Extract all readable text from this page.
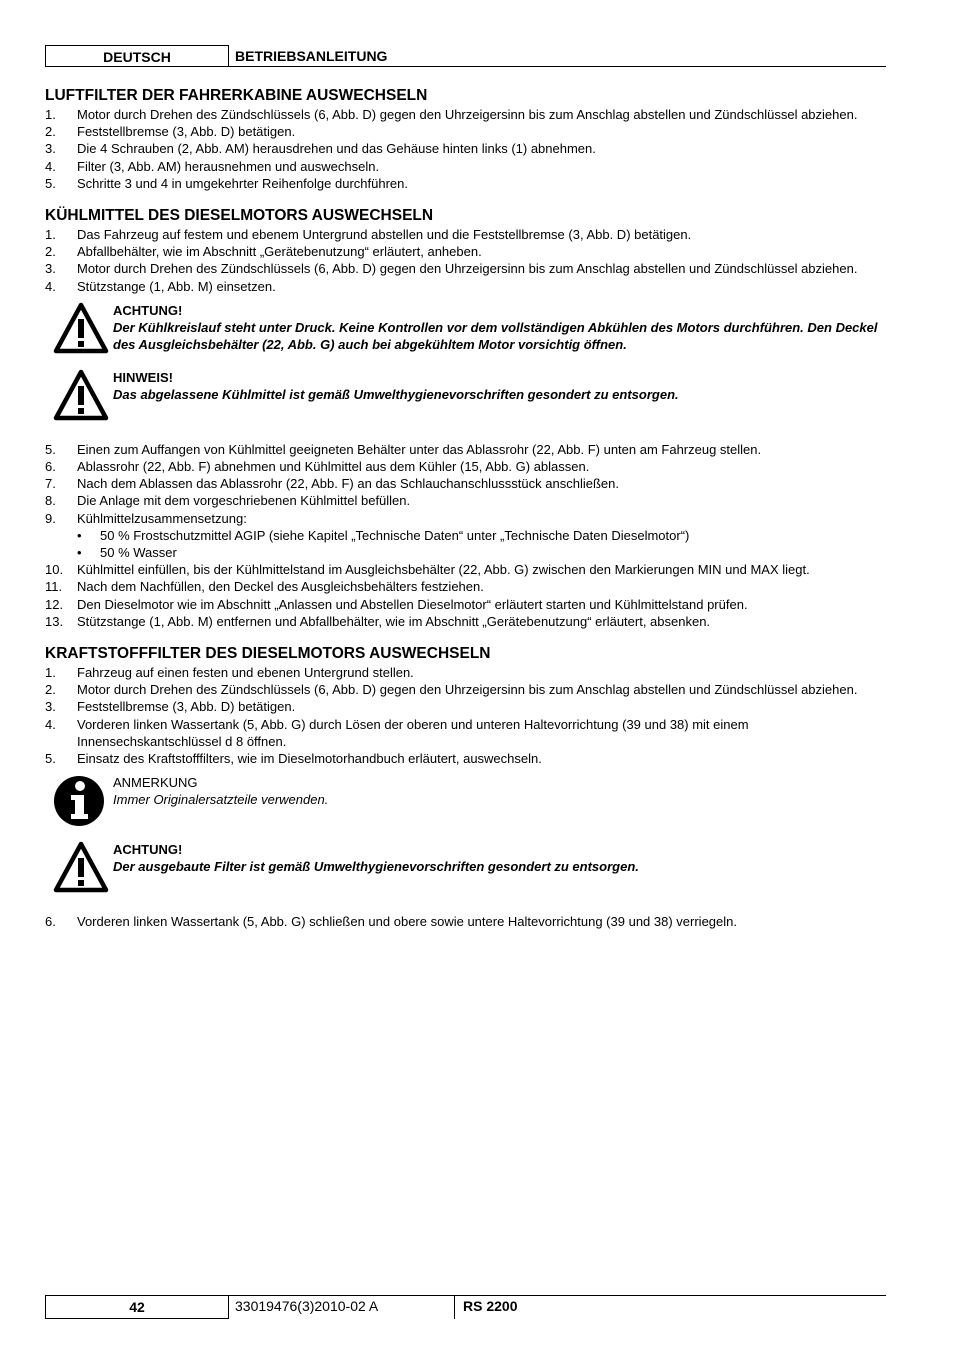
DEUTSCH	BETRIEBSANLEITUNG
LUFTFILTER DER FAHRERKABINE AUSWECHSELN
1.	Motor durch Drehen des Zündschlüssels (6, Abb. D) gegen den Uhrzeigersinn bis zum Anschlag abstellen und Zündschlüssel abziehen.
2.	Feststellbremse (3, Abb. D) betätigen.
3.	Die 4 Schrauben (2, Abb. AM) herausdrehen und das Gehäuse hinten links (1) abnehmen.
4.	Filter (3, Abb. AM) herausnehmen und auswechseln.
5.	Schritte 3 und 4 in umgekehrter Reihenfolge durchführen.
KÜHLMITTEL DES DIESELMOTORS AUSWECHSELN
1.	Das Fahrzeug auf festem und ebenem Untergrund abstellen und die Feststellbremse (3, Abb. D) betätigen.
2.	Abfallbehälter, wie im Abschnitt „Gerätebenutzung“ erläutert, anheben.
3.	Motor durch Drehen des Zündschlüssels (6, Abb. D) gegen den Uhrzeigersinn bis zum Anschlag abstellen und Zündschlüssel abziehen.
4.	Stützstange (1, Abb. M) einsetzen.
ACHTUNG!
Der Kühlkreislauf steht unter Druck. Keine Kontrollen vor dem vollständigen Abkühlen des Motors durchführen. Den Deckel des Ausgleichsbehälter (22, Abb. G) auch bei abgekühltem Motor vorsichtig öffnen.
HINWEIS!
Das abgelassene Kühlmittel ist gemäß Umwelthygienevorschriften gesondert zu entsorgen.
5.	Einen zum Auffangen von Kühlmittel geeigneten Behälter unter das Ablassrohr (22, Abb. F) unten am Fahrzeug stellen.
6.	Ablassrohr (22, Abb. F) abnehmen und Kühlmittel aus dem Kühler (15, Abb. G) ablassen.
7.	Nach dem Ablassen das Ablassrohr (22, Abb. F) an das Schlauchanschlussstück anschließen.
8.	Die Anlage mit dem vorgeschriebenen Kühlmittel befüllen.
9.	Kühlmittelzusammensetzung:
•	50 % Frostschutzmittel AGIP (siehe Kapitel „Technische Daten“ unter „Technische Daten Dieselmotor“)
•	50 % Wasser
10.	Kühlmittel einfüllen, bis der Kühlmittelstand im Ausgleichsbehälter (22, Abb. G) zwischen den Markierungen MIN und MAX liegt.
11.	Nach dem Nachfüllen, den Deckel des Ausgleichsbehälters festziehen.
12.	Den Dieselmotor wie im Abschnitt „Anlassen und Abstellen Dieselmotor“ erläutert starten und Kühlmittelstand prüfen.
13.	Stützstange (1, Abb. M) entfernen und Abfallbehälter, wie im Abschnitt „Gerätebenutzung“ erläutert, absenken.
KRAFTSTOFFFILTER DES DIESELMOTORS AUSWECHSELN
1.	Fahrzeug auf einen festen und ebenen Untergrund stellen.
2.	Motor durch Drehen des Zündschlüssels (6, Abb. D) gegen den Uhrzeigersinn bis zum Anschlag abstellen und Zündschlüssel abziehen.
3.	Feststellbremse (3, Abb. D) betätigen.
4.	Vorderen linken Wassertank (5, Abb. G) durch Lösen der oberen und unteren Haltevorrichtung (39 und 38) mit einem Innensechskantschlüssel d 8 öffnen.
5.	Einsatz des Kraftstofffilters, wie im Dieselmotorhandbuch erläutert, auswechseln.
ANMERKUNG
Immer Originalersatzteile verwenden.
ACHTUNG!
Der ausgebaute Filter ist gemäß Umwelthygienevorschriften gesondert zu entsorgen.
6.	Vorderen linken Wassertank (5, Abb. G) schließen und obere sowie untere Haltevorrichtung (39 und 38) verriegeln.
42	33019476(3)2010-02 A	RS 2200
